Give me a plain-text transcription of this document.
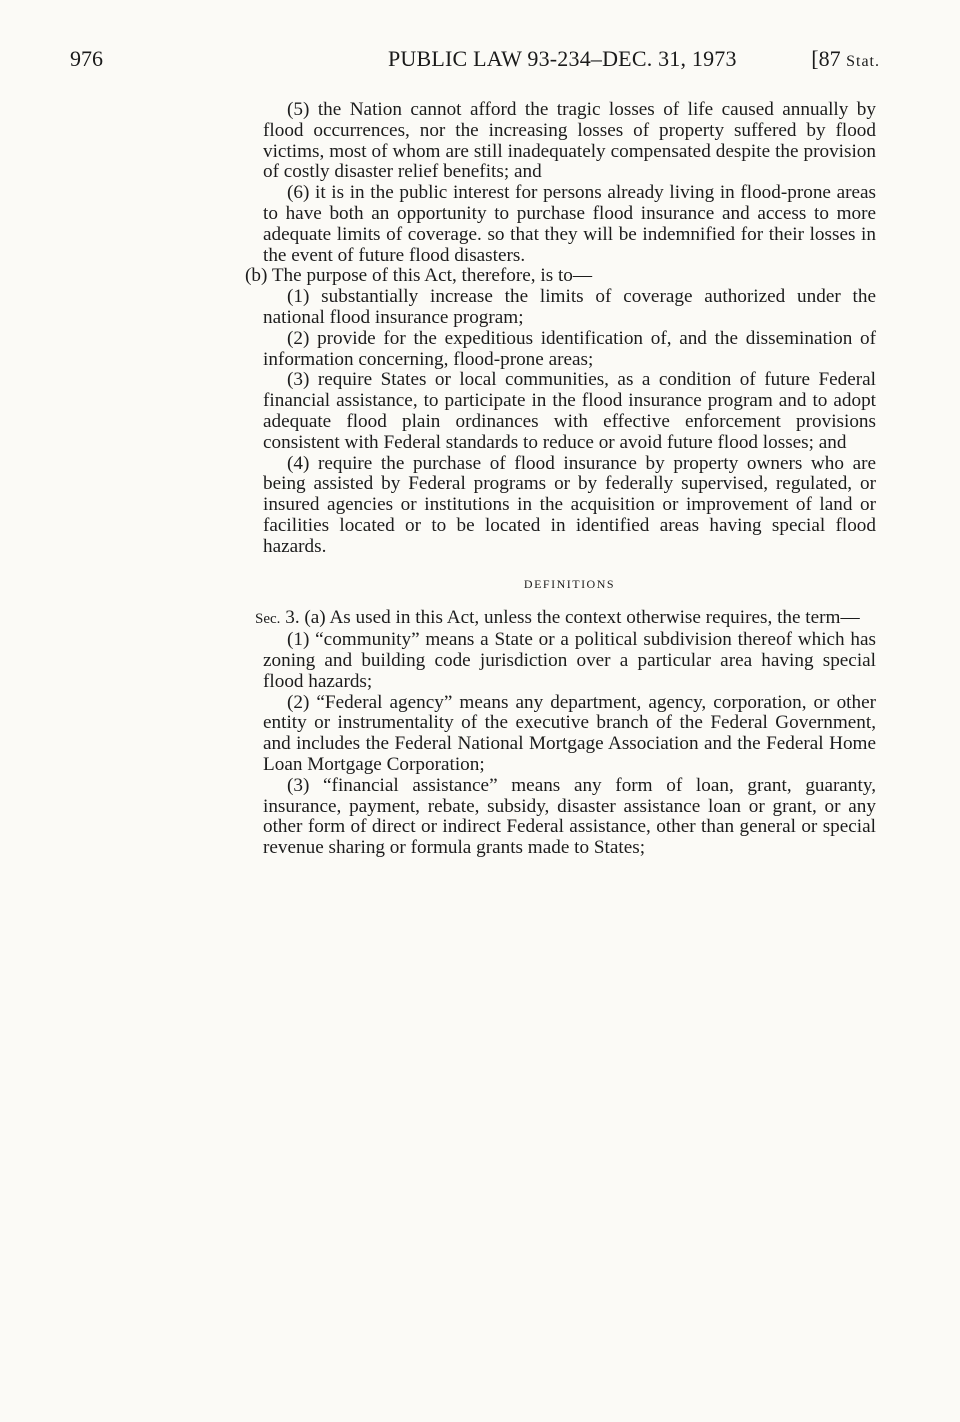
976	PUBLIC LAW 93-234–DEC. 31, 1973	[87 Stat.

(5) the Nation cannot afford the tragic losses of life caused annually by flood occurrences, nor the increasing losses of property suffered by flood victims, most of whom are still inadequately compensated despite the provision of costly disaster relief benefits; and

(6) it is in the public interest for persons already living in flood-prone areas to have both an opportunity to purchase flood insurance and access to more adequate limits of coverage. so that they will be indemnified for their losses in the event of future flood disasters.

(b) The purpose of this Act, therefore, is to—

(1) substantially increase the limits of coverage authorized under the national flood insurance program;

(2) provide for the expeditious identification of, and the dissemination of information concerning, flood-prone areas;

(3) require States or local communities, as a condition of future Federal financial assistance, to participate in the flood insurance program and to adopt adequate flood plain ordinances with effective enforcement provisions consistent with Federal standards to reduce or avoid future flood losses; and

(4) require the purchase of flood insurance by property owners who are being assisted by Federal programs or by federally supervised, regulated, or insured agencies or institutions in the acquisition or improvement of land or facilities located or to be located in identified areas having special flood hazards.

DEFINITIONS

Sec. 3. (a) As used in this Act, unless the context otherwise requires, the term—

(1) “community” means a State or a political subdivision thereof which has zoning and building code jurisdiction over a particular area having special flood hazards;

(2) “Federal agency” means any department, agency, corporation, or other entity or instrumentality of the executive branch of the Federal Government, and includes the Federal National Mortgage Association and the Federal Home Loan Mortgage Corporation;

(3) “financial assistance” means any form of loan, grant, guaranty, insurance, payment, rebate, subsidy, disaster assistance loan or grant, or any other form of direct or indirect Federal assistance, other than general or special revenue sharing or formula grants made to States;
